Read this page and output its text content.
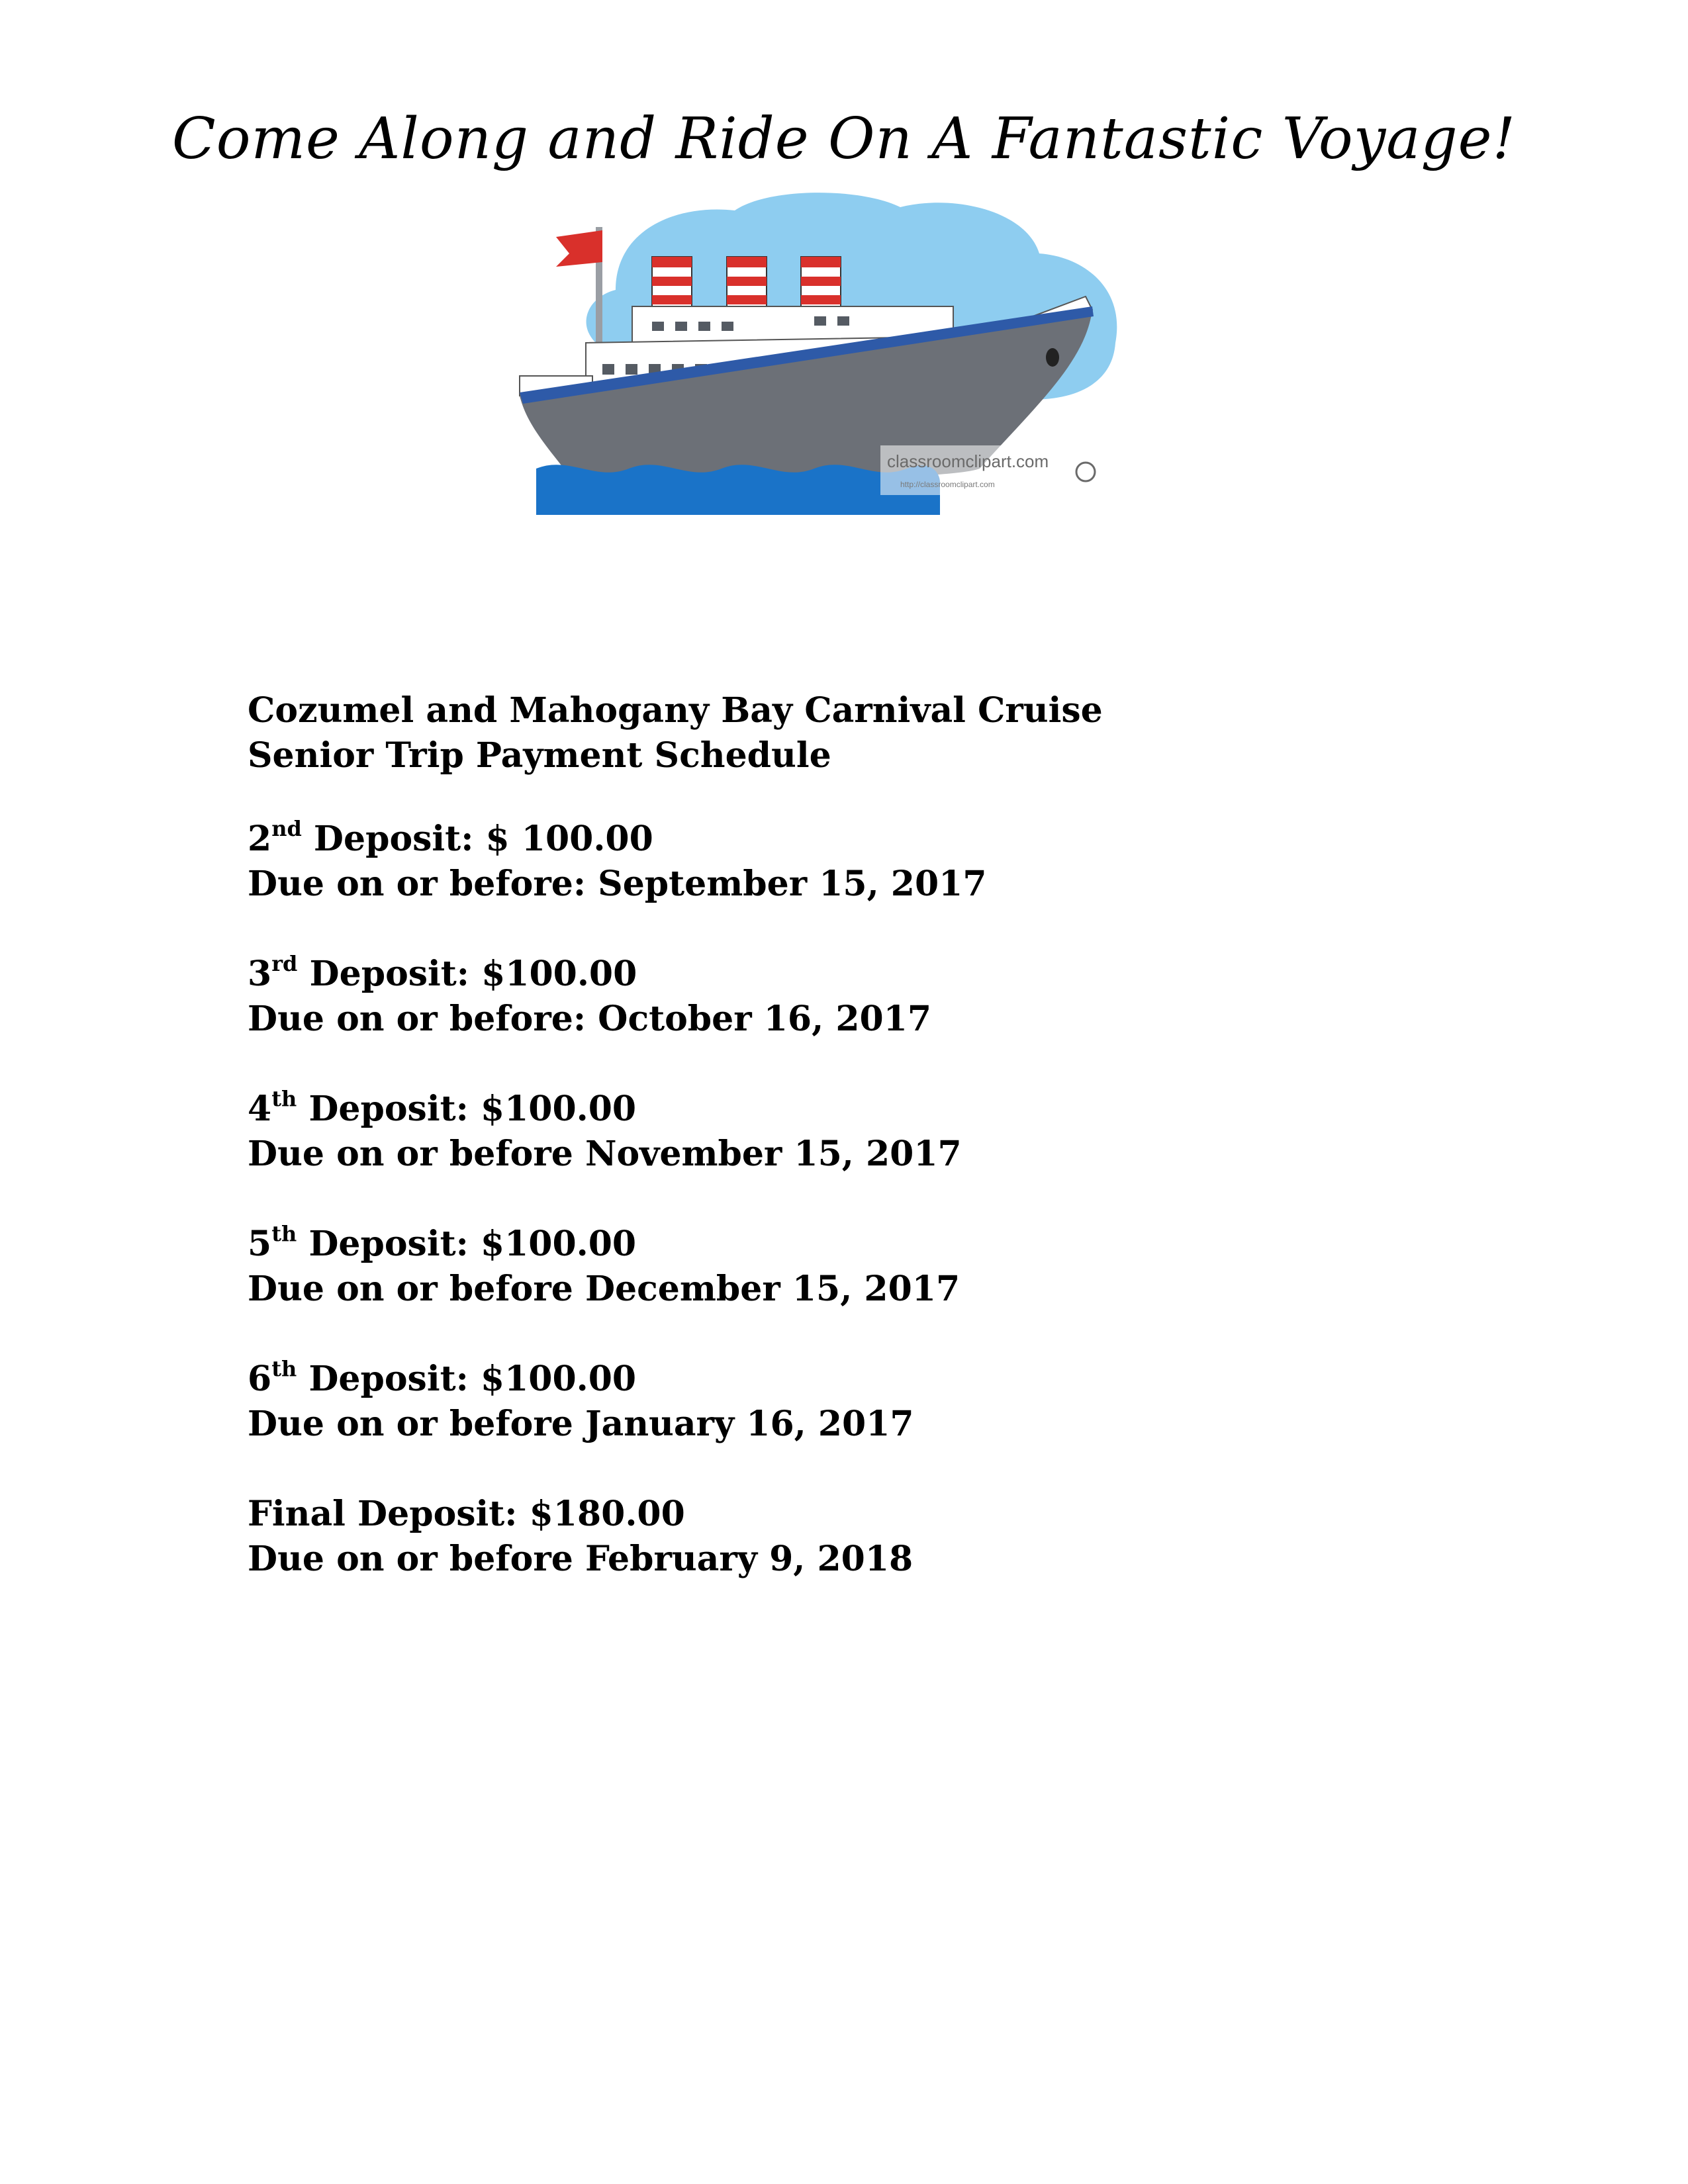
Come Along and Ride On A Fantastic Voyage!
classroomclipart.com
http://classroomclipart.com
Cozumel and Mahogany Bay Carnival Cruise
Senior Trip Payment Schedule
2nd Deposit: $ 100.00
Due on or before: September 15, 2017
3rd Deposit: $100.00
Due on or before: October 16, 2017
4th Deposit: $100.00
Due on or before November 15, 2017
5th Deposit: $100.00
Due on or before December 15, 2017
6th Deposit: $100.00
Due on or before January 16, 2017
Final Deposit: $180.00
Due on or before February 9, 2018
